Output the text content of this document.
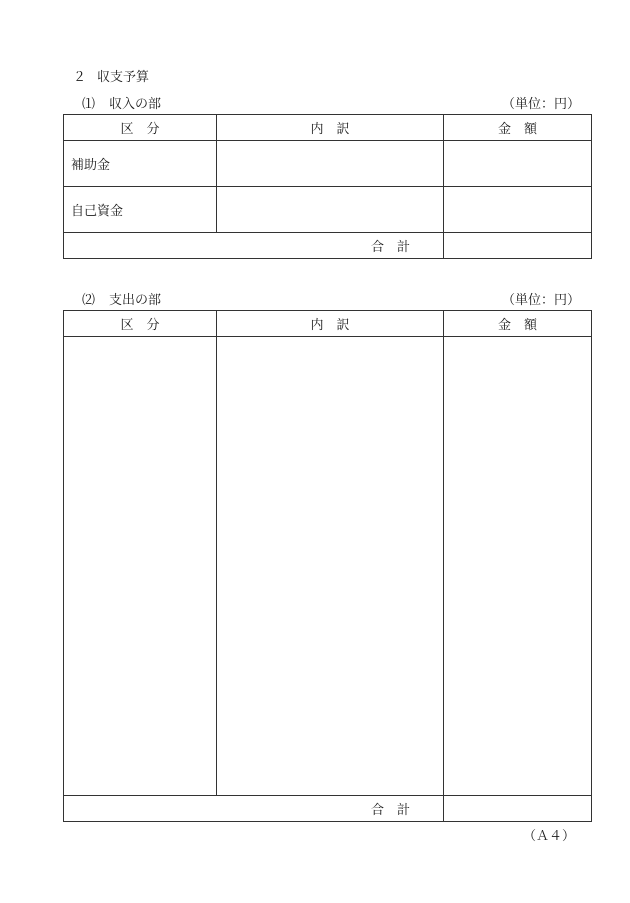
２ 収支予算
⑴ 収入の部	（単位：円）
区　分	内　訳	金　額
補助金		
自己資金		
合　計		
⑵ 支出の部	（単位：円）
区　分	内　訳	金　額

合　計		
（Ａ４）
